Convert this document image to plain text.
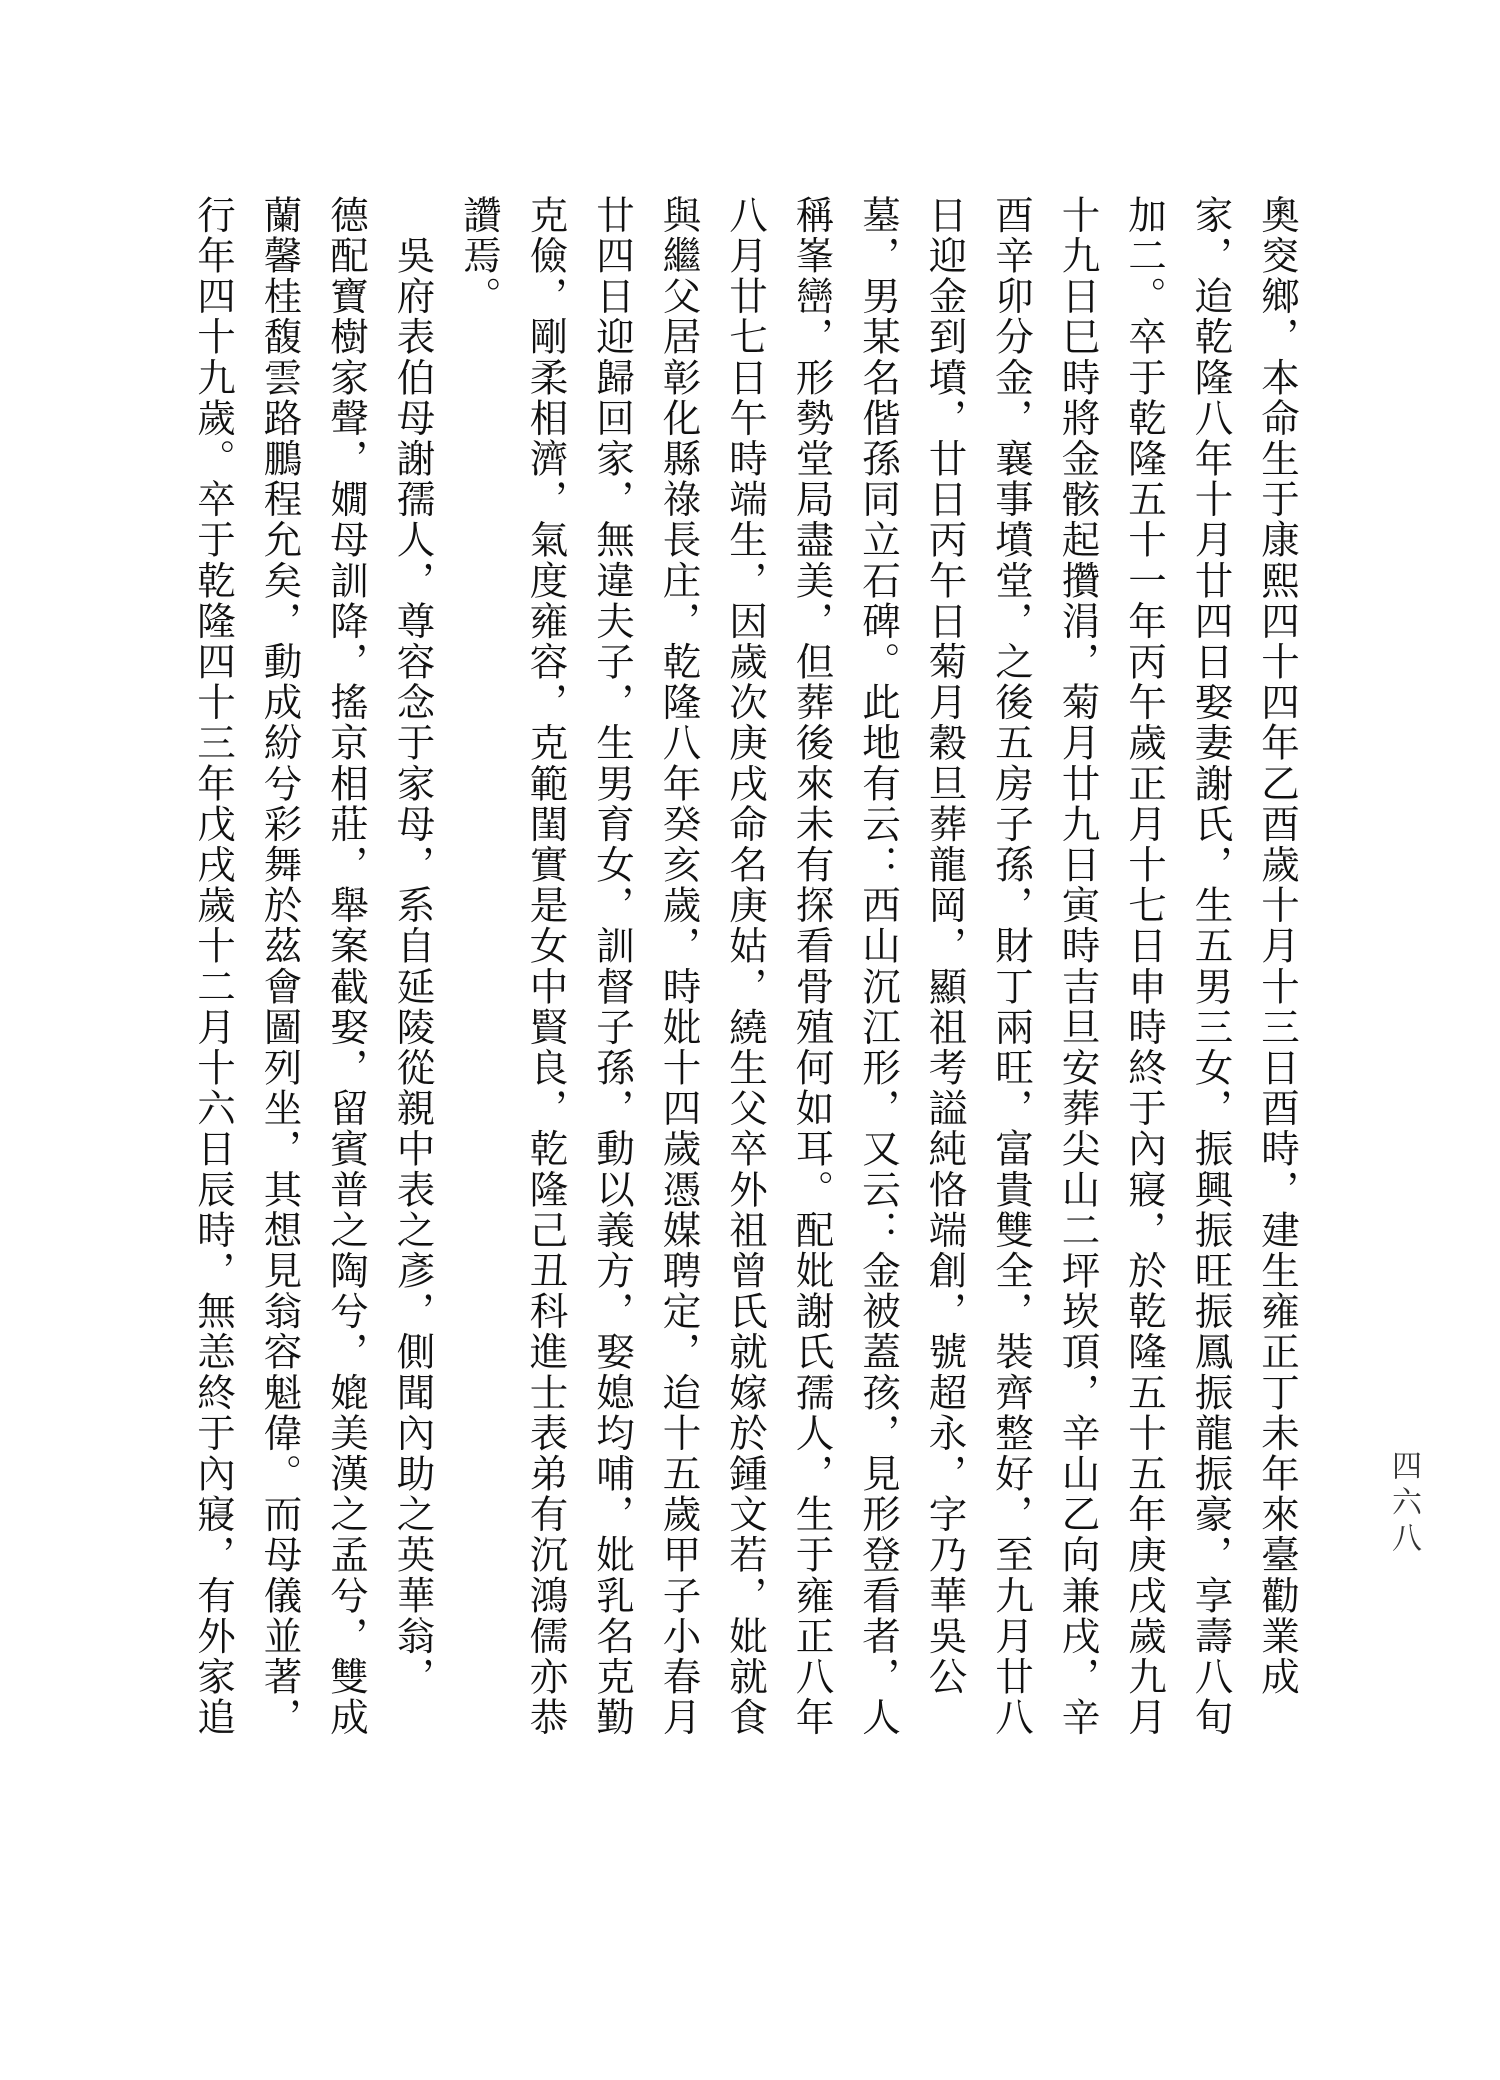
四六八
奧窔鄉，本命生于康熙四十四年乙酉歲十月十三日酉時，建生雍正丁未年來臺勸業成
家，迨乾隆八年十月廿四日娶妻謝氏，生五男三女，振興振旺振鳳振龍振豪，享壽八旬
加二。卒于乾隆五十一年丙午歲正月十七日申時終于內寢，於乾隆五十五年庚戌歲九月
十九日巳時將金骸起攢涓，菊月廿九日寅時吉旦安葬尖山二坪崁頂，辛山乙向兼戌，辛
酉辛卯分金，襄事墳堂，之後五房子孫，財丁兩旺，富貴雙全，裝齊整好，至九月廿八
日迎金到墳，廿日丙午日菊月穀旦葬龍岡，顯祖考謚純恪端創，號超永，字乃華吳公
墓，男某名偕孫同立石碑。此地有云：西山沉江形，又云：金被蓋孩，見形登看者，人
稱峯巒，形勢堂局盡美，但葬後來未有探看骨殖何如耳。配妣謝氏孺人，生于雍正八年
八月廿七日午時端生，因歲次庚戌命名庚姑，繞生父卒外祖曾氏就嫁於鍾文若，妣就食
與繼父居彰化縣祿長庄，乾隆八年癸亥歲，時妣十四歲憑媒聘定，迨十五歲甲子小春月
廿四日迎歸回家，無違夫子，生男育女，訓督子孫，動以義方，娶媳均哺，妣乳名克勤
克儉，剛柔相濟，氣度雍容，克範閨實是女中賢良，乾隆己丑科進士表弟有沉鴻儒亦恭
讚焉。
　吳府表伯母謝孺人，尊容念于家母，系自延陵從親中表之彥，側聞內助之英華翁，
德配寶樹家聲，嫺母訓降，搖京相莊，舉案截娶，留賓普之陶兮，媲美漢之孟兮，雙成
蘭馨桂馥雲路鵬程允矣，動成紛兮彩舞於茲會圖列坐，其想見翁容魁偉。而母儀並著，
行年四十九歲。卒于乾隆四十三年戊戌歲十二月十六日辰時，無恙終于內寢，有外家追
